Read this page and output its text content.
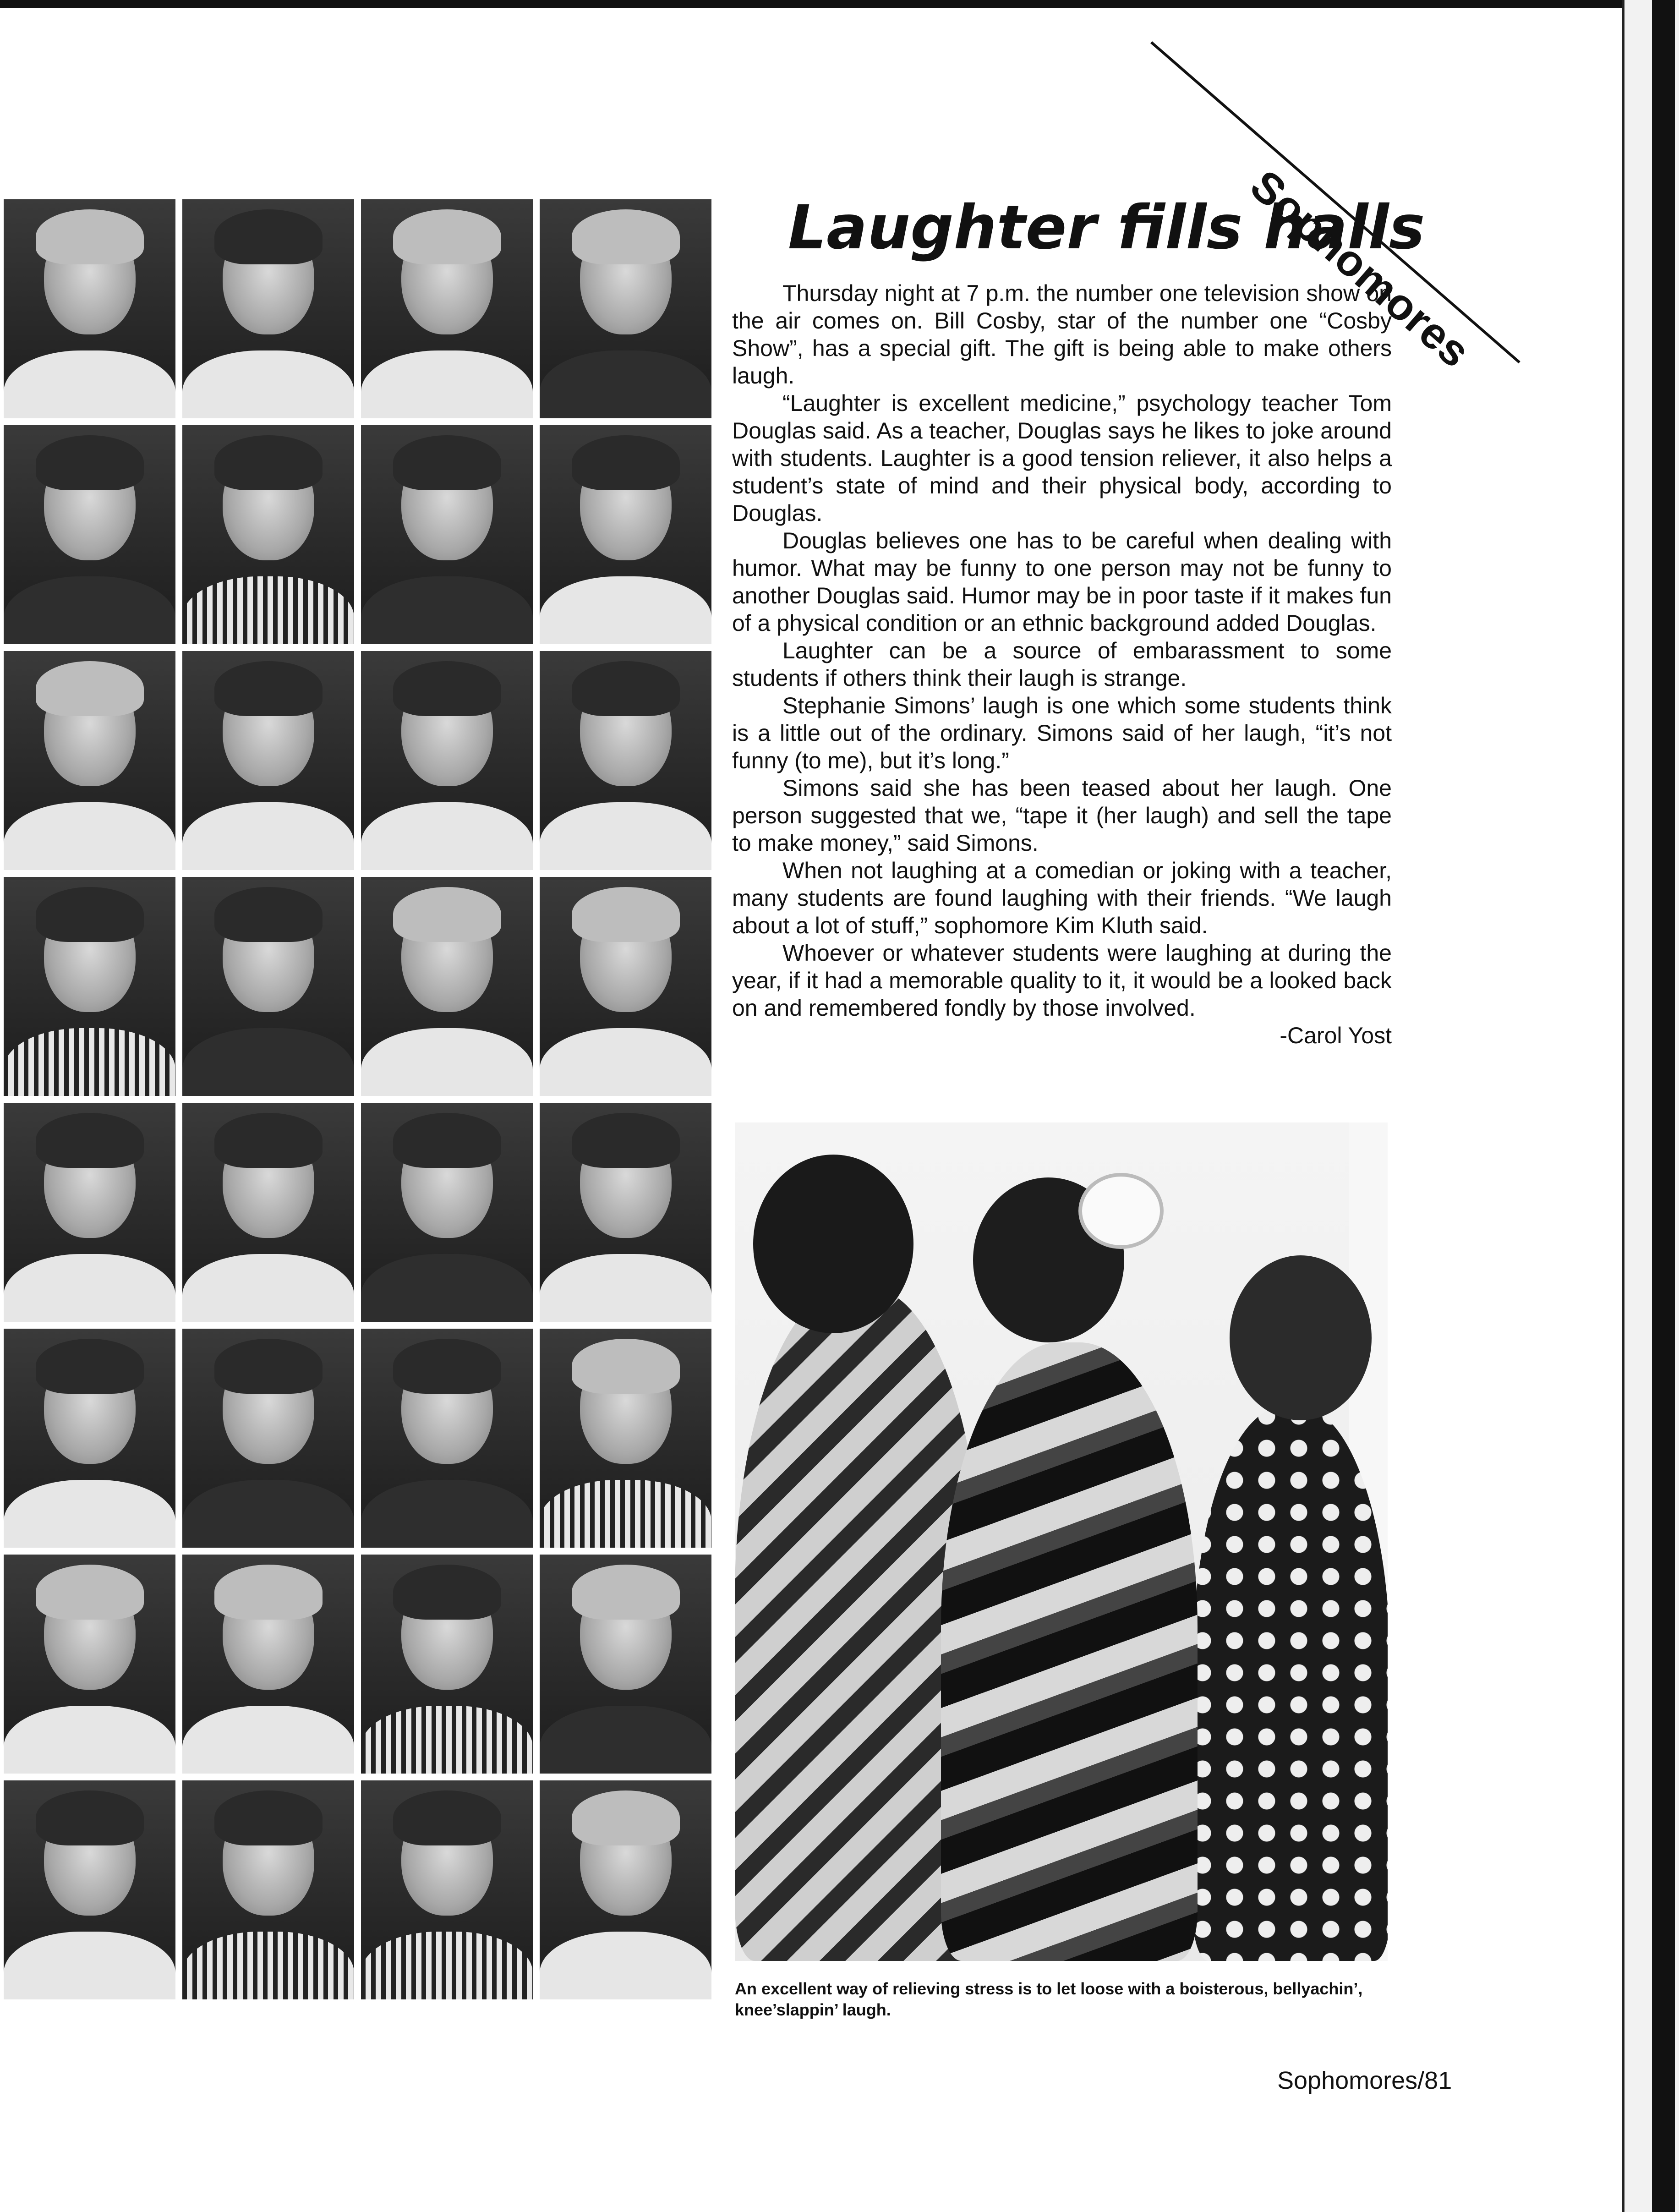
Sophomores
Laughter fills halls

Thursday night at 7 p.m. the number one television show on the air comes on. Bill Cosby, star of the number one “Cosby Show”, has a special gift. The gift is being able to make others laugh.

“Laughter is excellent medicine,” psychology teacher Tom Douglas said. As a teacher, Douglas says he likes to joke around with students. Laughter is a good tension reliever, it also helps a student’s state of mind and their physical body, according to Douglas.

Douglas believes one has to be careful when dealing with humor. What may be funny to one person may not be funny to another Douglas said. Humor may be in poor taste if it makes fun of a physical condition or an ethnic background added Douglas.

Laughter can be a source of embarassment to some students if others think their laugh is strange.

Stephanie Simons’ laugh is one which some students think is a little out of the ordinary. Simons said of her laugh, “it’s not funny (to me), but it’s long.”

Simons said she has been teased about her laugh. One person suggested that we, “tape it (her laugh) and sell the tape to make money,” said Simons.

When not laughing at a comedian or joking with a teacher, many students are found laughing with their friends. “We laugh about a lot of stuff,” sophomore Kim Kluth said.

Whoever or whatever students were laughing at during the year, if it had a memorable quality to it, it would be a looked back on and remembered fondly by those involved.

-Carol Yost
An excellent way of relieving stress is to let loose with a boisterous, bellyachin’, knee’slappin’ laugh.
Sophomores/81
